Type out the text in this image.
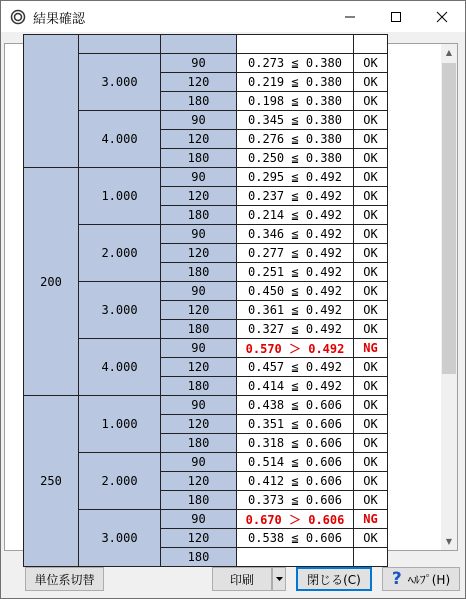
結果確認

	3.000	90	0.273 ≦ 0.380	OK
		120	0.219 ≦ 0.380	OK
		180	0.198 ≦ 0.380	OK
	4.000	90	0.345 ≦ 0.380	OK
		120	0.276 ≦ 0.380	OK
		180	0.250 ≦ 0.380	OK
200	1.000	90	0.295 ≦ 0.492	OK
		120	0.237 ≦ 0.492	OK
		180	0.214 ≦ 0.492	OK
	2.000	90	0.346 ≦ 0.492	OK
		120	0.277 ≦ 0.492	OK
		180	0.251 ≦ 0.492	OK
	3.000	90	0.450 ≦ 0.492	OK
		120	0.361 ≦ 0.492	OK
		180	0.327 ≦ 0.492	OK
	4.000	90	0.570 ＞ 0.492	NG
		120	0.457 ≦ 0.492	OK
		180	0.414 ≦ 0.492	OK
250	1.000	90	0.438 ≦ 0.606	OK
		120	0.351 ≦ 0.606	OK
		180	0.318 ≦ 0.606	OK
	2.000	90	0.514 ≦ 0.606	OK
		120	0.412 ≦ 0.606	OK
		180	0.373 ≦ 0.606	OK
	3.000	90	0.670 ＞ 0.606	NG
		120	0.538 ≦ 0.606	OK
		180		
▲
▼
単位系切替	印刷	閉じる(C) ? ﾍﾙﾌﾟ(H)
